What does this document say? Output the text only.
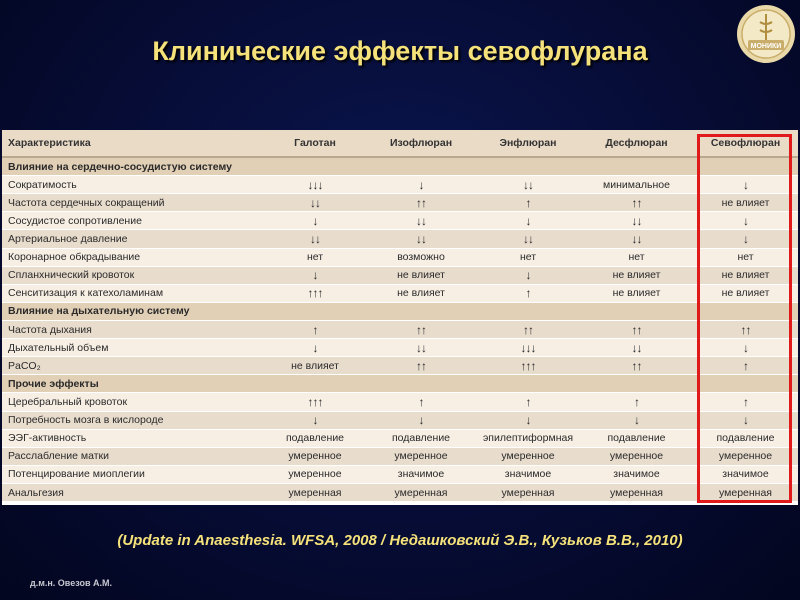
Клинические эффекты севофлурана	МОНИКИ
Характеристика	Галотан	Изофлюран	Энфлюран	Десфлюран	Севофлюран
Влияние на сердечно-сосудистую систему					
Сократимость	↓↓↓	↓	↓↓	минимальное	↓
Частота сердечных сокращений	↓↓	↑↑	↑	↑↑	не влияет
Сосудистое сопротивление	↓	↓↓	↓	↓↓	↓
Артериальное давление	↓↓	↓↓	↓↓	↓↓	↓
Коронарное обкрадывание	нет	возможно	нет	нет	нет
Спланхнический кровоток	↓	не влияет	↓	не влияет	не влияет
Сенситизация к катехоламинам	↑↑↑	не влияет	↑	не влияет	не влияет
Влияние на дыхательную систему					
Частота дыхания	↑	↑↑	↑↑	↑↑	↑↑
Дыхательный объем	↓	↓↓	↓↓↓	↓↓	↓
PaCO₂	не влияет	↑↑	↑↑↑	↑↑	↑
Прочие эффекты					
Церебральный кровоток	↑↑↑	↑	↑	↑	↑
Потребность мозга в кислороде	↓	↓	↓	↓	↓
ЭЭГ-активность	подавление	подавление	эпилептиформная	подавление	подавление
Расслабление матки	умеренное	умеренное	умеренное	умеренное	умеренное
Потенцирование миоплегии	умеренное	значимое	значимое	значимое	значимое
Анальгезия	умеренная	умеренная	умеренная	умеренная	умеренная
(Update in Anaesthesia. WFSA, 2008 / Недашковский Э.В., Кузьков В.В., 2010)
д.м.н. Овезов А.М.
